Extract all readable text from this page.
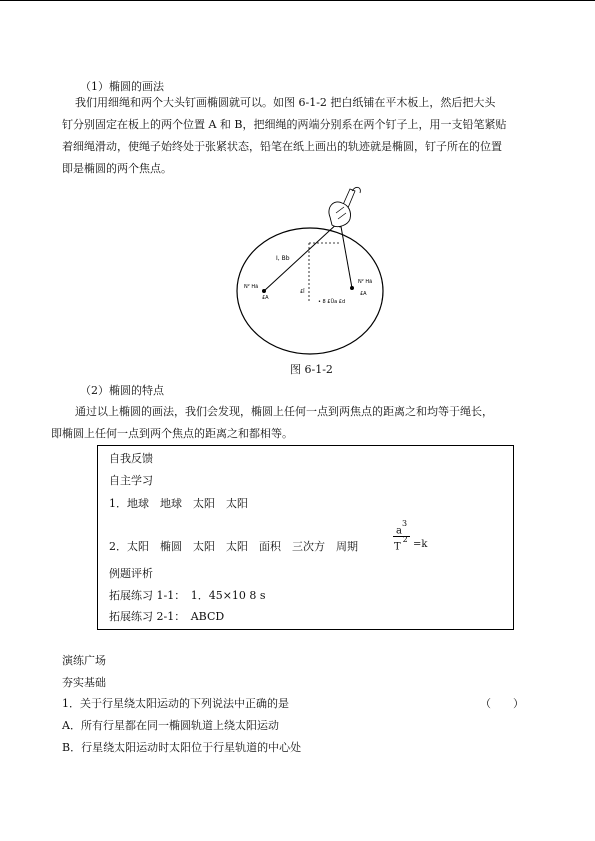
（1）椭圆的画法
我们用细绳和两个大头钉画椭圆就可以。如图 6-1-2 把白纸铺在平木板上，然后把大头
钉分别固定在板上的两个位置 A 和 B，把细绳的两端分别系在两个钉子上，用一支铅笔紧贴
着细绳滑动，使绳子始终处于张紧状态，铅笔在纸上画出的轨迹就是椭圆，钉子所在的位置
即是椭圆的两个焦点。
I, Bb
N² Hã
£A
N² Hã
£A
£Î
• 8 £Üа £d
图 6-1-2
（2）椭圆的特点
通过以上椭圆的画法，我们会发现，椭圆上任何一点到两焦点的距离之和均等于绳长，
即椭圆上任何一点到两个焦点的距离之和都相等。
自我反馈
自主学习
1．地球　地球　太阳　太阳
2．太阳　椭圆　太阳　太阳　面积　三次方　周期
$a^3$
$T^2 =k$
例题评析
拓展练习 1-1：　1．45×10 8 s
拓展练习 2-1：　ABCD
演练广场
夯实基础
1．关于行星绕太阳运动的下列说法中正确的是	（　　）
A．所有行星都在同一椭圆轨道上绕太阳运动
B．行星绕太阳运动时太阳位于行星轨道的中心处
